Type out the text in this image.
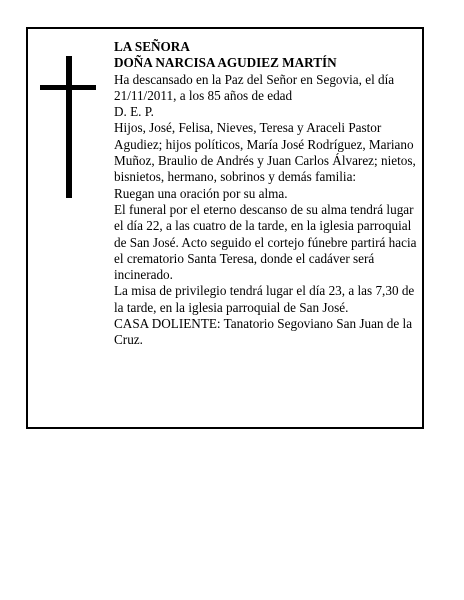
LA SEÑORA

DOÑA NARCISA AGUDIEZ MARTÍN

Ha descansado en la Paz del Señor en Segovia, el día 21/11/2011, a los 85 años de edad

D. E. P.

Hijos, José, Felisa, Nieves, Teresa y Araceli Pastor Agudiez; hijos políticos, María José Rodríguez, Mariano Muñoz, Braulio de Andrés y Juan Carlos Álvarez; nietos, bisnietos, hermano, sobrinos y demás familia:

Ruegan una oración por su alma.

El funeral por el eterno descanso de su alma tendrá lugar el día 22, a las cuatro de la tarde, en la iglesia parroquial de San José. Acto seguido el cortejo fúnebre partirá hacia el crematorio Santa Teresa, donde el cadáver será incinerado.

La misa de privilegio tendrá lugar el día 23, a las 7,30 de la tarde, en la iglesia parroquial de San José.

CASA DOLIENTE: Tanatorio Segoviano San Juan de la Cruz.
